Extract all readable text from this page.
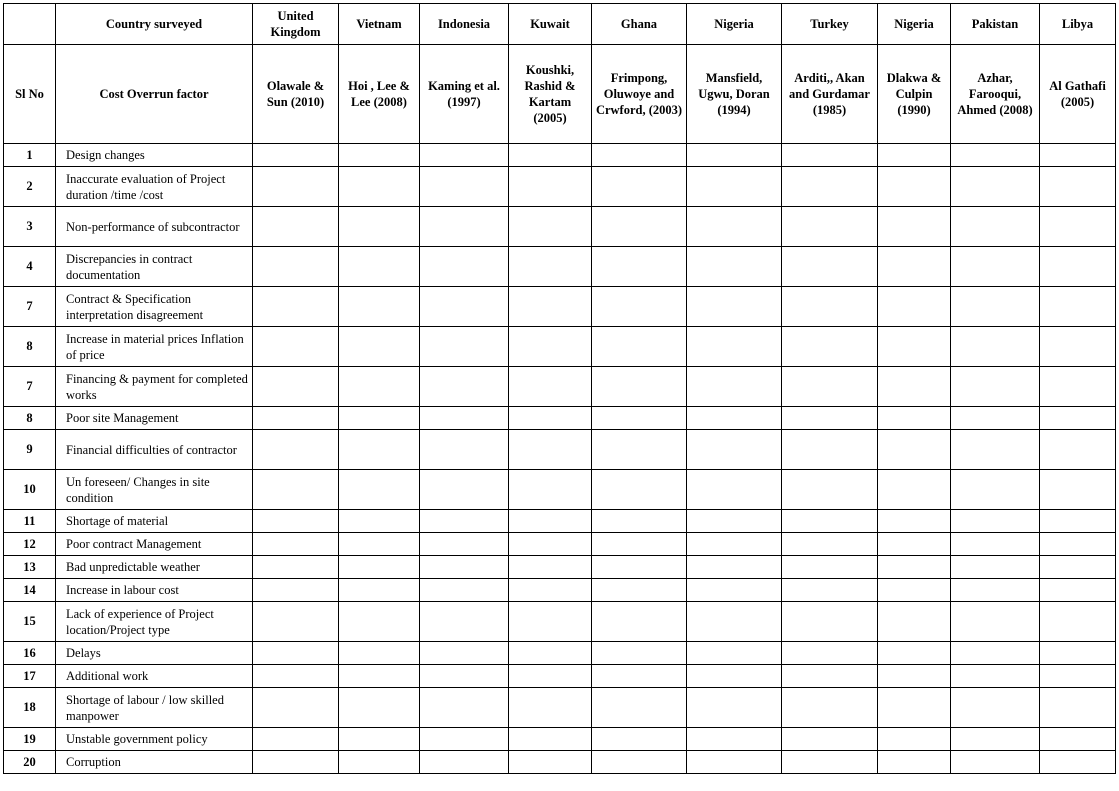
	Country surveyed	United Kingdom	Vietnam	Indonesia	Kuwait	Ghana	Nigeria	Turkey	Nigeria	Pakistan	Libya
Sl No	Cost Overrun factor	Olawale & Sun (2010)	Hoi , Lee & Lee (2008)	Kaming et al. (1997)	Koushki, Rashid & Kartam (2005)	Frimpong, Oluwoye and Crwford, (2003)	Mansfield, Ugwu, Doran (1994)	Arditi,, Akan and Gurdamar (1985)	Dlakwa & Culpin (1990)	Azhar, Farooqui, Ahmed (2008)	Al Gathafi (2005)
1	Design changes										
2	Inaccurate evaluation of Project duration /time /cost										
3	Non-performance of subcontractor										
4	Discrepancies in contract documentation										
7	Contract & Specification interpretation disagreement										
8	Increase in material prices Inflation of price										
7	Financing & payment for completed works										
8	Poor site Management										
9	Financial difficulties of contractor										
10	Un foreseen/ Changes in site condition										
11	Shortage of material										
12	Poor contract Management										
13	Bad unpredictable weather										
14	Increase in labour cost										
15	Lack of experience of Project location/Project type										
16	Delays										
17	Additional work										
18	Shortage of labour / low skilled manpower										
19	Unstable government policy										
20	Corruption										
